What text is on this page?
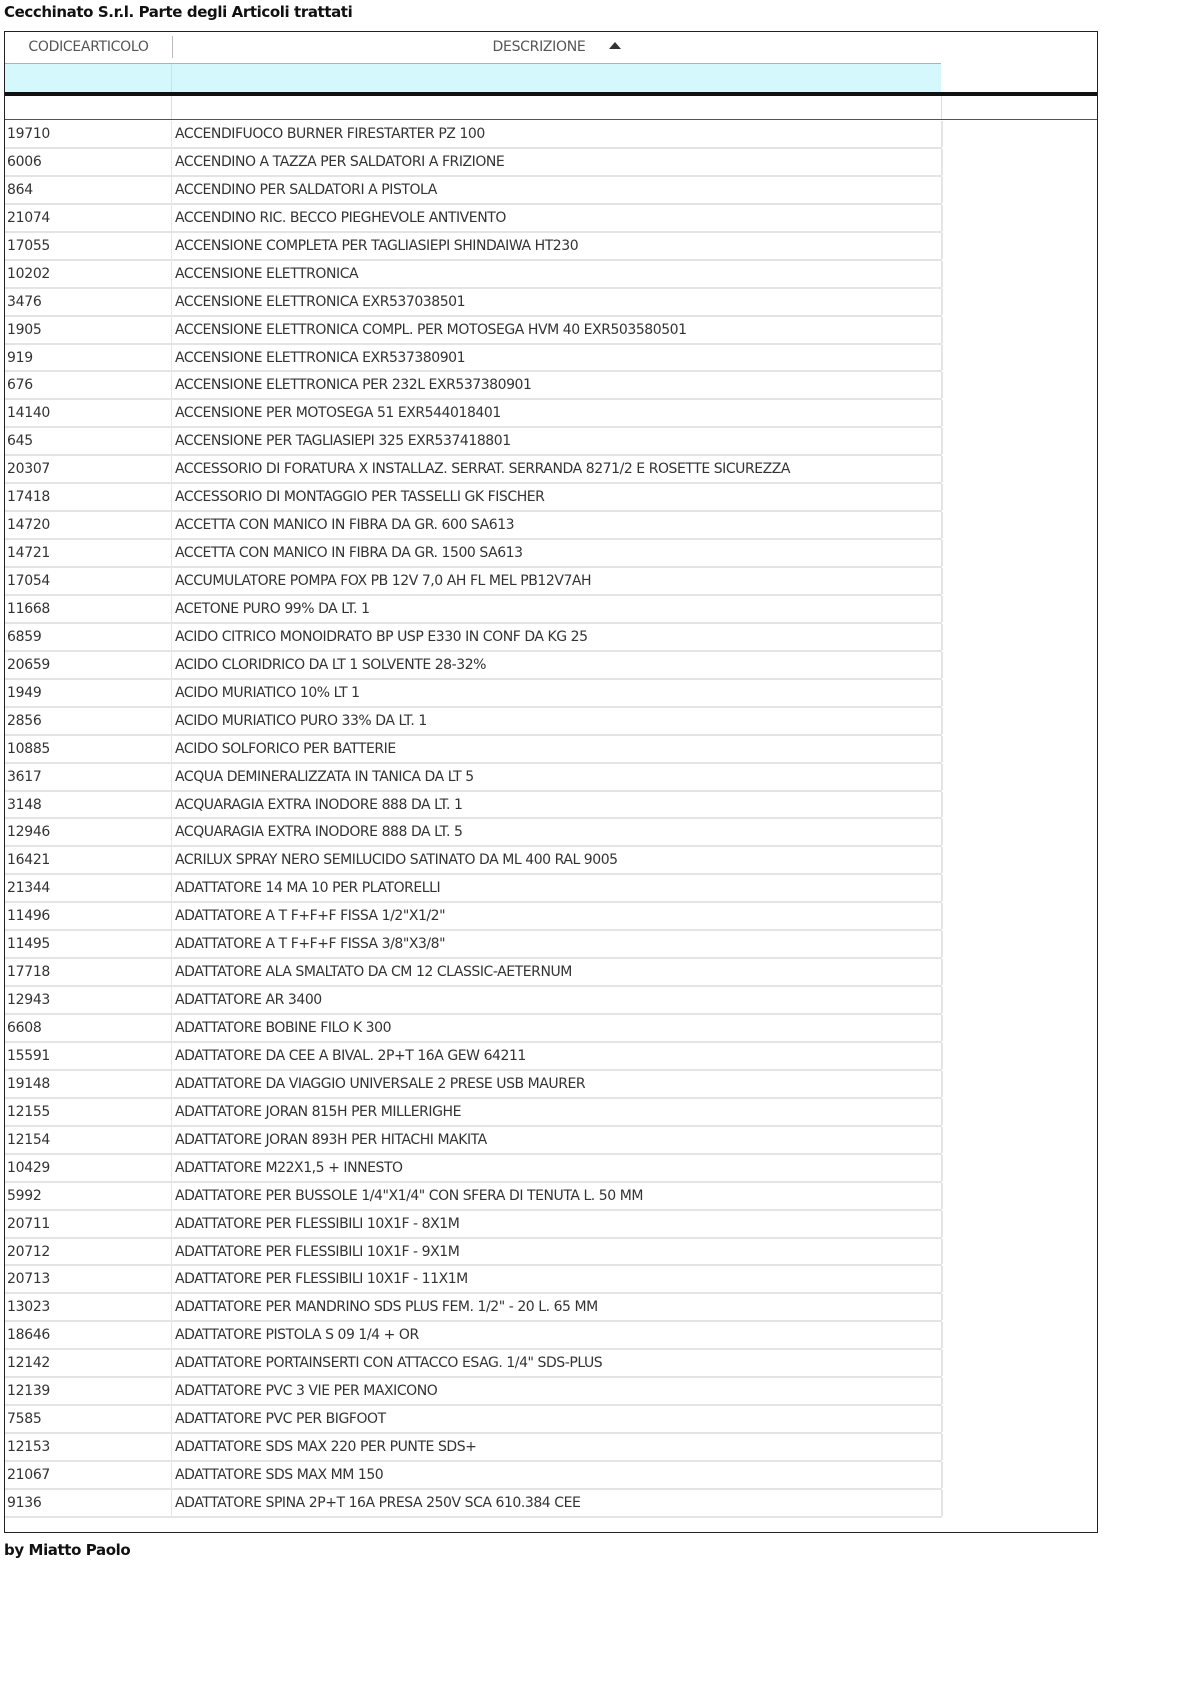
Cecchinato S.r.l. Parte degli Articoli trattati
CODICEARTICOLO	DESCRIZIONE
19710	ACCENDIFUOCO BURNER FIRESTARTER PZ 100
6006	ACCENDINO A TAZZA PER SALDATORI A FRIZIONE
864	ACCENDINO PER SALDATORI A PISTOLA
21074	ACCENDINO RIC. BECCO PIEGHEVOLE ANTIVENTO
17055	ACCENSIONE COMPLETA PER TAGLIASIEPI SHINDAIWA HT230
10202	ACCENSIONE ELETTRONICA
3476	ACCENSIONE ELETTRONICA EXR537038501
1905	ACCENSIONE ELETTRONICA COMPL. PER MOTOSEGA HVM 40 EXR503580501
919	ACCENSIONE ELETTRONICA EXR537380901
676	ACCENSIONE ELETTRONICA PER 232L EXR537380901
14140	ACCENSIONE PER MOTOSEGA 51 EXR544018401
645	ACCENSIONE PER TAGLIASIEPI 325 EXR537418801
20307	ACCESSORIO DI FORATURA X INSTALLAZ. SERRAT. SERRANDA 8271/2 E ROSETTE SICUREZZA
17418	ACCESSORIO DI MONTAGGIO PER TASSELLI GK FISCHER
14720	ACCETTA CON MANICO IN FIBRA DA GR. 600 SA613
14721	ACCETTA CON MANICO IN FIBRA DA GR. 1500 SA613
17054	ACCUMULATORE POMPA FOX PB 12V 7,0 AH FL MEL PB12V7AH
11668	ACETONE PURO 99% DA LT. 1
6859	ACIDO CITRICO MONOIDRATO BP USP E330 IN CONF DA KG 25
20659	ACIDO CLORIDRICO DA LT 1 SOLVENTE 28-32%
1949	ACIDO MURIATICO 10% LT 1
2856	ACIDO MURIATICO PURO 33% DA LT. 1
10885	ACIDO SOLFORICO PER BATTERIE
3617	ACQUA DEMINERALIZZATA IN TANICA DA LT 5
3148	ACQUARAGIA EXTRA INODORE 888 DA LT. 1
12946	ACQUARAGIA EXTRA INODORE 888 DA LT. 5
16421	ACRILUX SPRAY NERO SEMILUCIDO SATINATO DA ML 400 RAL 9005
21344	ADATTATORE 14 MA 10 PER PLATORELLI
11496	ADATTATORE A T F+F+F FISSA 1/2"X1/2"
11495	ADATTATORE A T F+F+F FISSA 3/8"X3/8"
17718	ADATTATORE ALA SMALTATO DA CM 12 CLASSIC-AETERNUM
12943	ADATTATORE AR 3400
6608	ADATTATORE BOBINE FILO K 300
15591	ADATTATORE DA CEE A BIVAL. 2P+T 16A GEW 64211
19148	ADATTATORE DA VIAGGIO UNIVERSALE 2 PRESE USB MAURER
12155	ADATTATORE JORAN 815H PER MILLERIGHE
12154	ADATTATORE JORAN 893H PER HITACHI MAKITA
10429	ADATTATORE M22X1,5 + INNESTO
5992	ADATTATORE PER BUSSOLE 1/4"X1/4" CON SFERA DI TENUTA L. 50 MM
20711	ADATTATORE PER FLESSIBILI 10X1F - 8X1M
20712	ADATTATORE PER FLESSIBILI 10X1F - 9X1M
20713	ADATTATORE PER FLESSIBILI 10X1F - 11X1M
13023	ADATTATORE PER MANDRINO SDS PLUS FEM. 1/2" - 20 L. 65 MM
18646	ADATTATORE PISTOLA S 09 1/4 + OR
12142	ADATTATORE PORTAINSERTI CON ATTACCO ESAG. 1/4" SDS-PLUS
12139	ADATTATORE PVC 3 VIE PER MAXICONO
7585	ADATTATORE PVC PER BIGFOOT
12153	ADATTATORE SDS MAX 220 PER PUNTE SDS+
21067	ADATTATORE SDS MAX MM 150
9136	ADATTATORE SPINA 2P+T 16A PRESA 250V SCA 610.384 CEE
by Miatto Paolo
